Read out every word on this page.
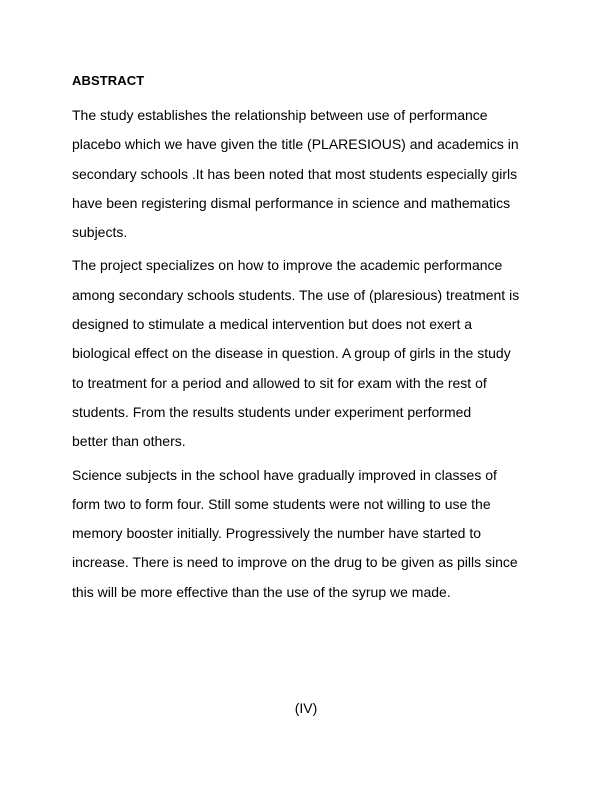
ABSTRACT
The study establishes the relationship between use of performance
placebo which we have given the title (PLARESIOUS) and academics in
secondary schools .It has been noted that most students especially girls
have been registering dismal performance in science and mathematics
subjects.
The project specializes on how to improve the academic performance
among secondary schools students. The use of (plaresious) treatment is
designed to stimulate a medical intervention but does not exert a
biological effect on the disease in question. A group of girls in the study
to treatment for a period and allowed to sit for exam with the rest of
students. From the results students under experiment performed
better than others.
Science subjects in the school have gradually improved in classes of
form two to form four. Still some students were not willing to use the
memory booster initially. Progressively the number have started to
increase. There is need to improve on the drug to be given as pills since
this will be more effective than the use of the syrup we made.
(IV)
